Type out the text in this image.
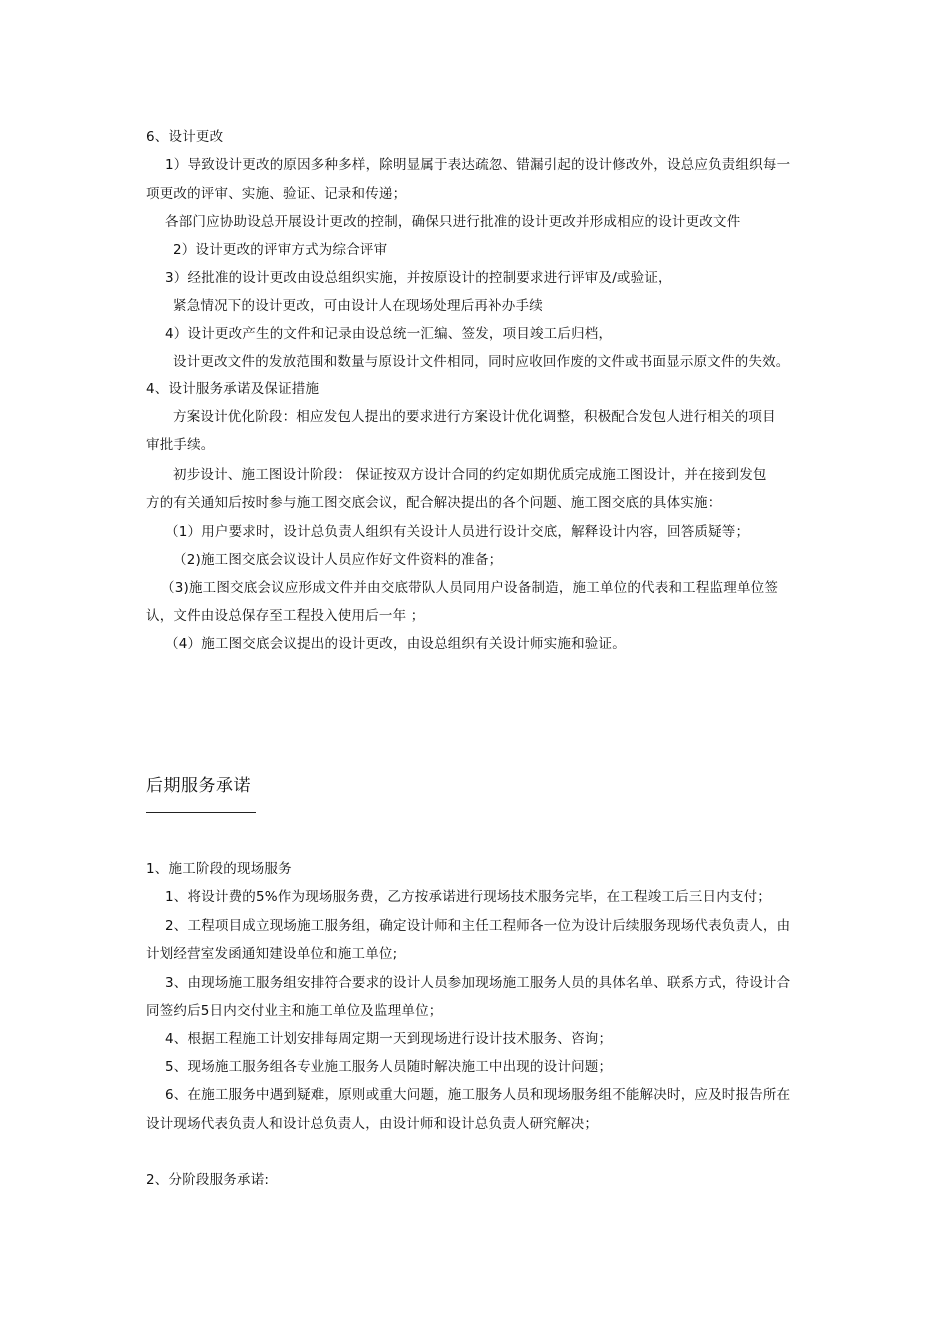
6、设计更改
1）导致设计更改的原因多种多样，除明显属于表达疏忽、错漏引起的设计修改外，设总应负责组织每一
项更改的评审、实施、验证、记录和传递；
各部门应协助设总开展设计更改的控制，确保只进行批准的设计更改并形成相应的设计更改文件
2）设计更改的评审方式为综合评审
3）经批准的设计更改由设总组织实施，并按原设计的控制要求进行评审及/或验证，
紧急情况下的设计更改，可由设计人在现场处理后再补办手续
4）设计更改产生的文件和记录由设总统一汇编、签发，项目竣工后归档，
设计更改文件的发放范围和数量与原设计文件相同，同时应收回作废的文件或书面显示原文件的失效。
4、设计服务承诺及保证措施
方案设计优化阶段：相应发包人提出的要求进行方案设计优化调整，积极配合发包人进行相关的项目
审批手续。
初步设计、施工图设计阶段： 保证按双方设计合同的约定如期优质完成施工图设计，并在接到发包
方的有关通知后按时参与施工图交底会议，配合解决提出的各个问题、施工图交底的具体实施：
（1）用户要求时，设计总负责人组织有关设计人员进行设计交底，解释设计内容，回答质疑等；
（2)施工图交底会议设计人员应作好文件资料的准备；
（3)施工图交底会议应形成文件并由交底带队人员同用户设备制造，施工单位的代表和工程监理单位签
认，文件由设总保存至工程投入使用后一年 ；
（4）施工图交底会议提出的设计更改，由设总组织有关设计师实施和验证。
后期服务承诺
1、施工阶段的现场服务
1、将设计费的5%作为现场服务费，乙方按承诺进行现场技术服务完毕，在工程竣工后三日内支付；
2、工程项目成立现场施工服务组，确定设计师和主任工程师各一位为设计后续服务现场代表负责人，由
计划经营室发函通知建设单位和施工单位;
3、由现场施工服务组安排符合要求的设计人员参加现场施工服务人员的具体名单、联系方式，待设计合
同签约后5日内交付业主和施工单位及监理单位；
4、根据工程施工计划安排每周定期一天到现场进行设计技术服务、咨询；
5、现场施工服务组各专业施工服务人员随时解决施工中出现的设计问题；
6、在施工服务中遇到疑难，原则或重大问题，施工服务人员和现场服务组不能解决时，应及时报告所在
设计现场代表负责人和设计总负责人，由设计师和设计总负责人研究解决；
2、分阶段服务承诺:
